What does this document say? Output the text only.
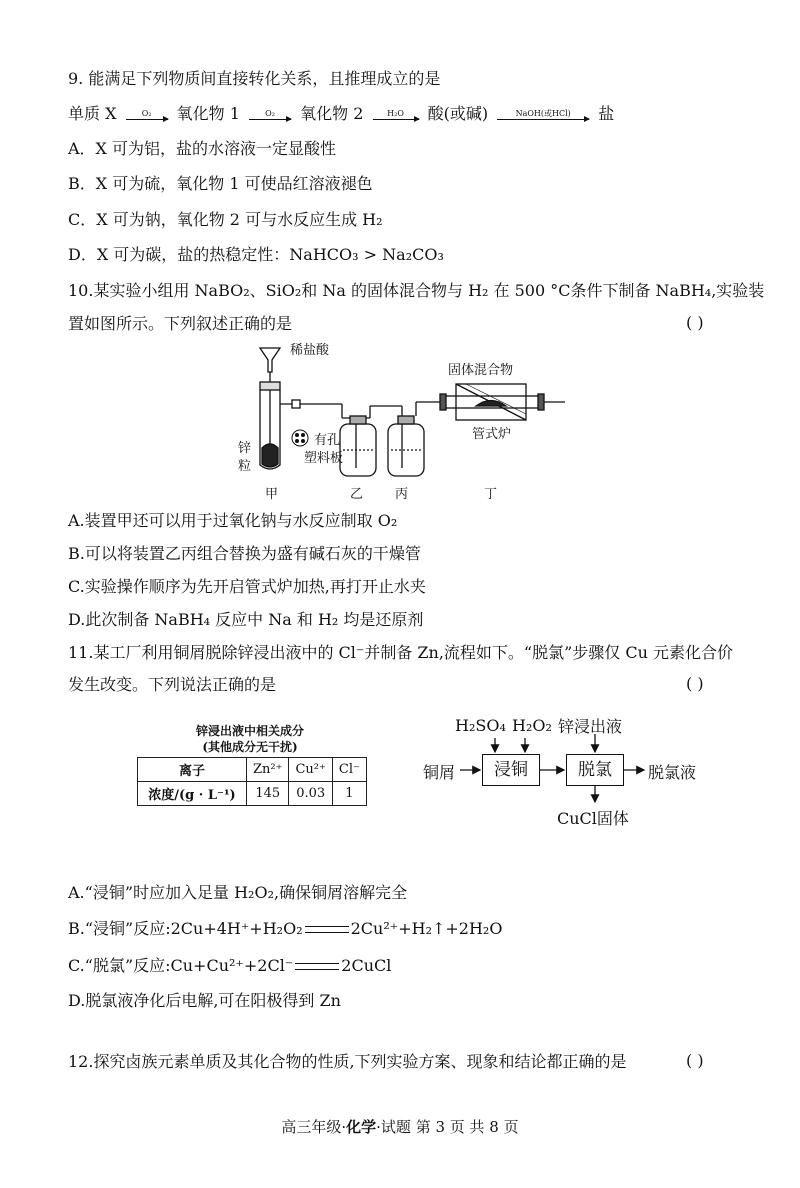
9. 能满足下列物质间直接转化关系，且推理成立的是
单质 X	O₂	氧化物 1	O₂	氧化物 2	H₂O	酸(或碱)	NaOH(或HCl)	盐
A．X 可为铝，盐的水溶液一定显酸性
B．X 可为硫，氧化物 1 可使品红溶液褪色
C．X 可为钠，氧化物 2 可与水反应生成 H₂
D．X 可为碳，盐的热稳定性：NaHCO₃ > Na₂CO₃
10.某实验小组用 NaBO₂、SiO₂和 Na 的固体混合物与 H₂ 在 500 °C条件下制备 NaBH₄,实验装
置如图所示。下列叙述正确的是	( )
稀盐酸
固体混合物
锌
粒
有孔
塑料板
管式炉
甲	乙 丙	丁
A.装置甲还可以用于过氧化钠与水反应制取 O₂
B.可以将装置乙丙组合替换为盛有碱石灰的干燥管
C.实验操作顺序为先开启管式炉加热,再打开止水夹
D.此次制备 NaBH₄ 反应中 Na 和 H₂ 均是还原剂
11.某工厂利用铜屑脱除锌浸出液中的 Cl⁻并制备 Zn,流程如下。“脱氯”步骤仅 Cu 元素化合价
发生改变。下列说法正确的是	( )
锌浸出液中相关成分
(其他成分无干扰)
离子	Zn²⁺	Cu²⁺	Cl⁻
浓度/(g · L⁻¹)	145	0.03	1
H₂SO₄ H₂O₂ 锌浸出液
铜屑	浸铜	脱氯	脱氯液
CuCl固体
A.“浸铜”时应加入足量 H₂O₂,确保铜屑溶解完全
B.“浸铜”反应:2Cu+4H⁺+H₂O₂	2Cu²⁺+H₂↑+2H₂O
C.“脱氯”反应:Cu+Cu²⁺+2Cl⁻	2CuCl
D.脱氯液净化后电解,可在阳极得到 Zn
12.探究卤族元素单质及其化合物的性质,下列实验方案、现象和结论都正确的是	( )
高三年级·化学·试题 第 3 页 共 8 页
